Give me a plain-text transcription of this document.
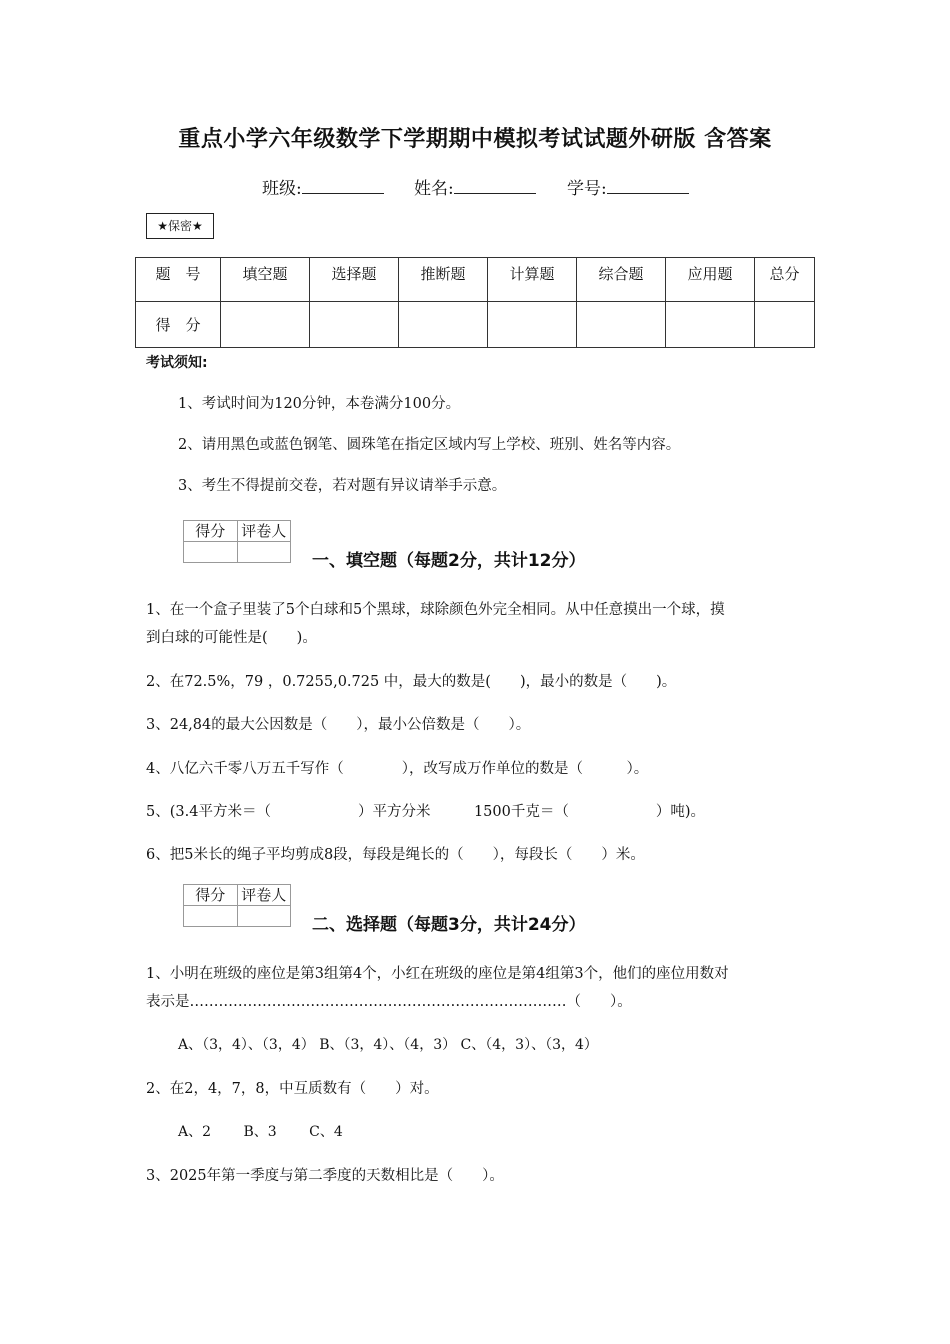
重点小学六年级数学下学期期中模拟考试试题外研版 含答案
班级:	姓名:	学号:
★保密★
题　号	填空题	选择题	推断题	计算题	综合题	应用题	总分
得　分							
考试须知:
1、考试时间为120分钟，本卷满分100分。
2、请用黑色或蓝色钢笔、圆珠笔在指定区域内写上学校、班别、姓名等内容。
3、考生不得提前交卷，若对题有异议请举手示意。
得分	评卷人

一、填空题（每题2分，共计12分）
1、在一个盒子里装了5个白球和5个黑球，球除颜色外完全相同。从中任意摸出一个球，摸
到白球的可能性是(　　)。
2、在72.5%，79 ，0.7255,0.725 中，最大的数是(　　)，最小的数是（　　)。
3、24,84的最大公因数是（　　），最小公倍数是（　　）。
4、八亿六千零八万五千写作（　　　　），改写成万作单位的数是（　　　）。
5、(3.4平方米＝（　　　　　　）平方分米　　　1500千克＝（　　　　　　）吨)。
6、把5米长的绳子平均剪成8段，每段是绳长的（　　），每段长（　　）米。
得分	评卷人

二、选择题（每题3分，共计24分）
1、小明在班级的座位是第3组第4个，小红在班级的座位是第4组第3个，他们的座位用数对
表示是……………………………………………………………………（　　）。
A、（3，4）、（3，4） B、（3，4）、（4，3） C、（4，3）、（3，4）
2、在2，4，7，8，中互质数有（　　）对。
A、2　　 B、3　　 C、4
3、2025年第一季度与第二季度的天数相比是（　　）。
